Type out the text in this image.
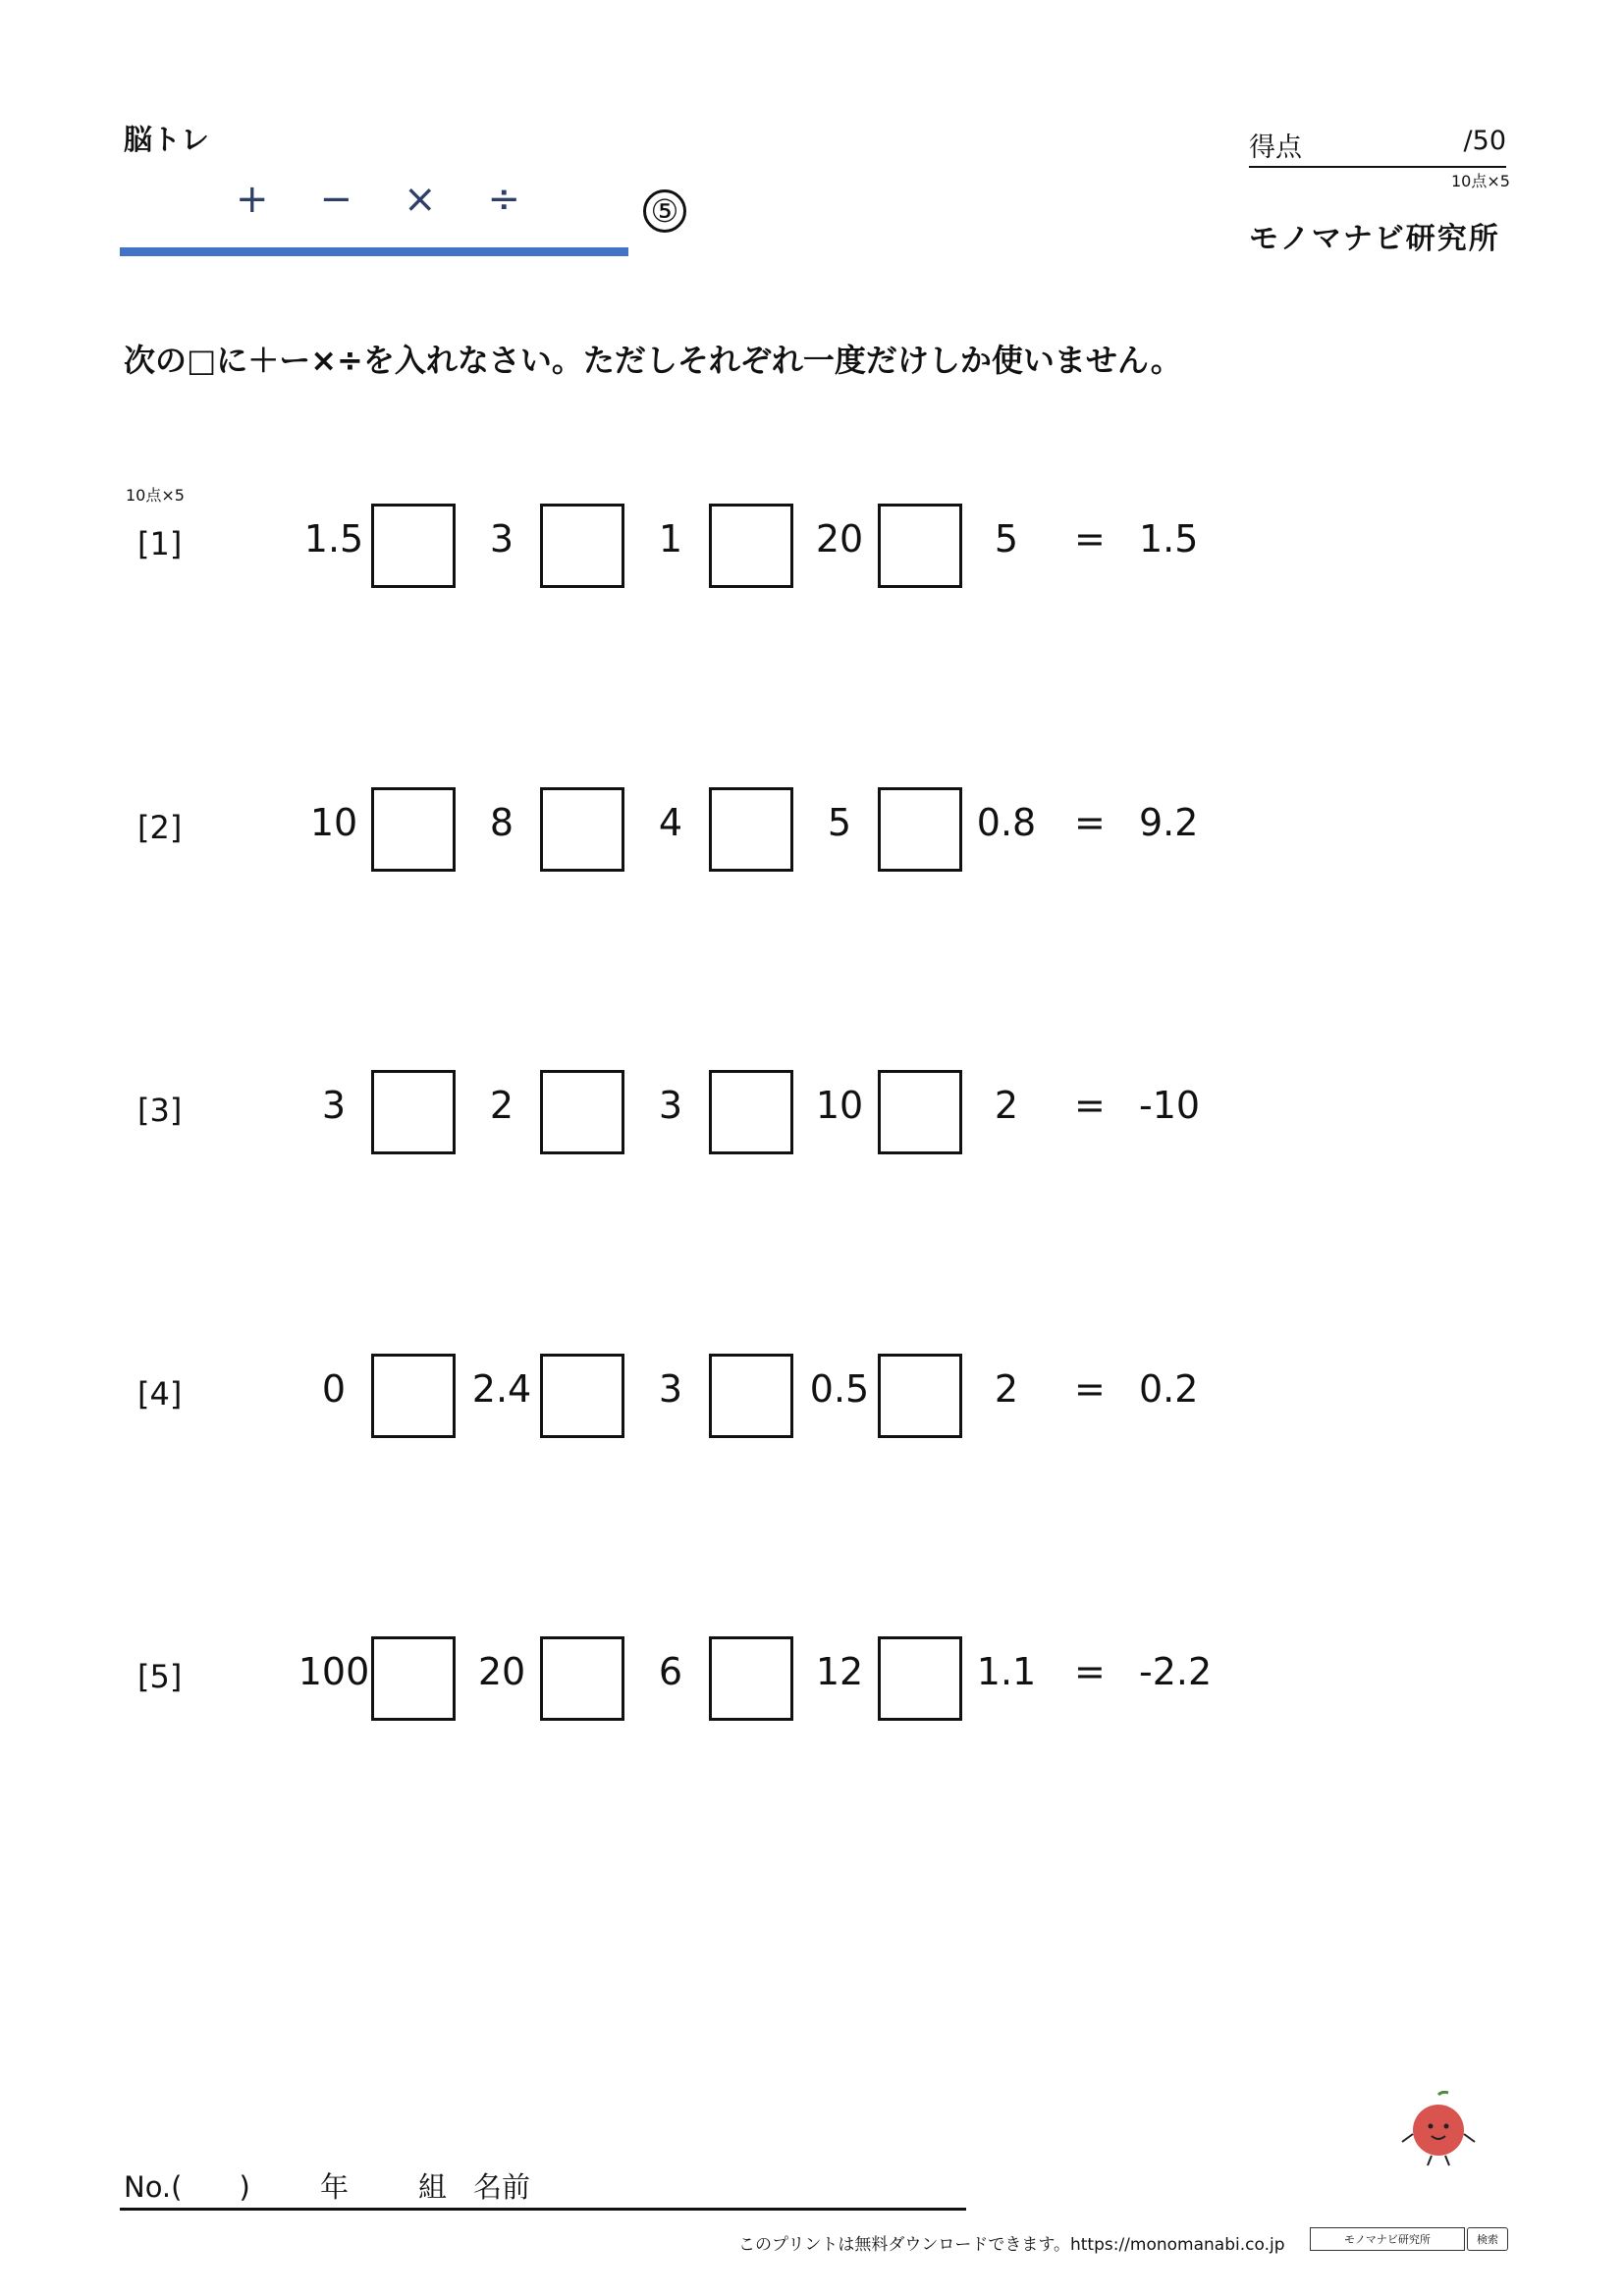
脳トレ
+ − × ÷	⑤
得点	/50
10点×5
モノマナビ研究所
次の□に＋ー×÷を入れなさい。ただしそれぞれ一度だけしか使いません。
10点×5
[1]	1.5	3	1	20	5	= 1.5
[2]	10	8	4	5	0.8	= 9.2
[3]	3	2	3	10	2	= -10
[4]	0	2.4	3	0.5	2	= 0.2
[5]	100	20	6	12	1.1	= -2.2
No.(　　) 年 組 名前
このプリントは無料ダウンロードできます。https://monomanabi.co.jp	モノマナビ研究所	検索
